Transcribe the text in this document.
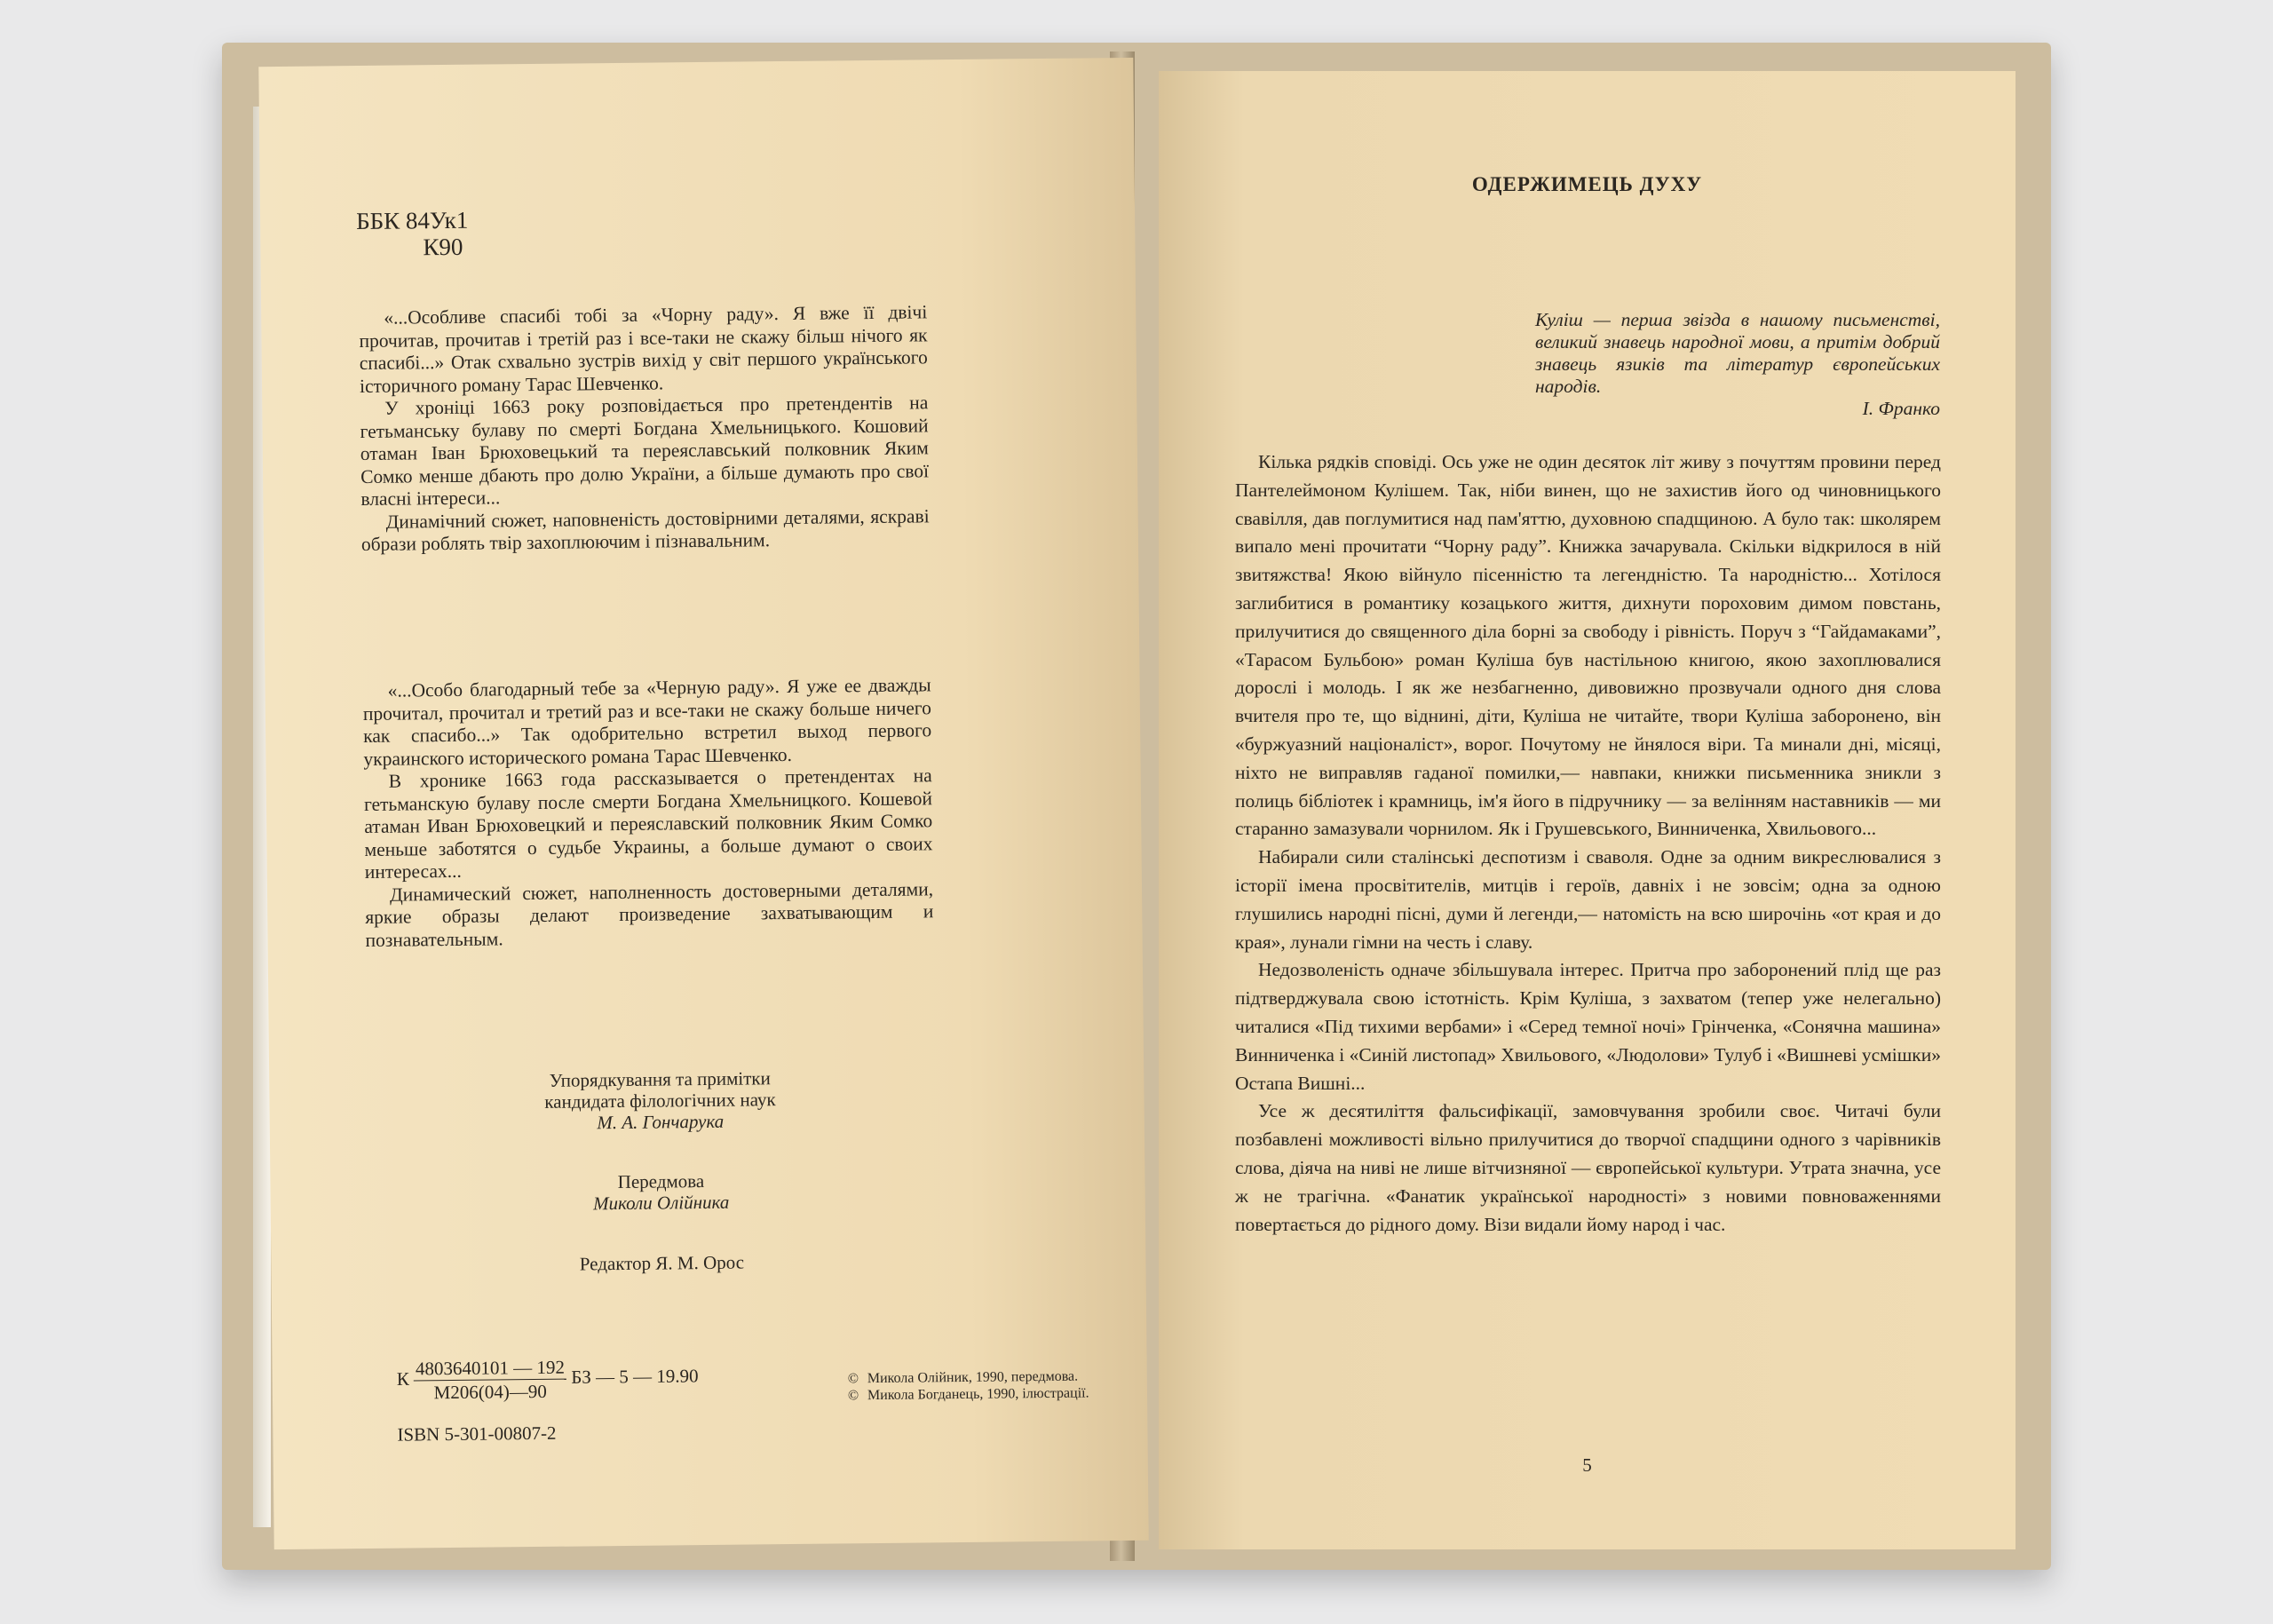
ББК 84Ук1
К90

«...Особливе спасибі тобі за «Чорну раду». Я вже її двічі прочитав, прочитав і третій раз і все-таки не скажу більш нічого як спасибі...» Отак схвально зустрів вихід у світ першого українського історичного роману Тарас Шевченко.

У хроніці 1663 року розповідається про претендентів на гетьманську булаву по смерті Богдана Хмельницького. Кошовий отаман Іван Брюховецький та переяславський полковник Яким Сомко менше дбають про долю України, а більше думають про свої власні інтереси...

Динамічний сюжет, наповненість достовірними деталями, яскраві образи роблять твір захоплюючим і пізнавальним.

«...Особо благодарный тебе за «Черную раду». Я уже ее дважды прочитал, прочитал и третий раз и все-таки не скажу больше ничего как спасибо...» Так одобрительно встретил выход первого украинского исторического романа Тарас Шевченко.

В хронике 1663 года рассказывается о претендентах на гетьманскую булаву после смерти Богдана Хмельницкого. Кошевой атаман Иван Брюховецкий и переяславский полковник Яким Сомко меньше заботятся о судьбе Украины, а больше думают о своих интересах...

Динамический сюжет, наполненность достоверными деталями, яркие образы делают произведение захватывающим и познавательным.

Упорядкування та примітки
кандидата філологічних наук
М. А. Гончарука
Передмова
Миколи Олійника
Редактор Я. М. Орос
К $\frac{4803640101 — 192}{М206(04)—90}$ БЗ — 5 — 19.90
ISBN 5-301-00807-2
© Микола Олійник, 1990, передмова.
© Микола Богданець, 1990, ілюстрації.
ОДЕРЖИМЕЦЬ ДУХУ
Куліш — перша звізда в нашому письменстві, великий знавець народної мови, а притім добрий знавець язиків та літератур європейських народів.
І. Франко

Кілька рядків сповіді. Ось уже не один десяток літ живу з почуттям провини перед Пантелеймоном Кулішем. Так, ніби винен, що не захистив його од чиновницького свавілля, дав поглумитися над пам'яттю, духовною спадщиною. А було так: школярем випало мені прочитати “Чорну раду”. Книжка зачарувала. Скільки відкрилося в ній звитяжства! Якою війнуло пісенністю та легендністю. Та народністю... Хотілося заглибитися в романтику козацького життя, дихнути пороховим димом повстань, прилучитися до священного діла борні за свободу і рівність. Поруч з “Гайдамаками”, «Тарасом Бульбою» роман Куліша був настільною книгою, якою захоплювалися дорослі і молодь. І як же незбагненно, дивовижно прозвучали одного дня слова вчителя про те, що віднині, діти, Куліша не читайте, твори Куліша заборонено, він «буржуазний націоналіст», ворог. Почутому не йнялося віри. Та минали дні, місяці, ніхто не виправляв гаданої помилки,— навпаки, книжки письменника зникли з полиць бібліотек і крамниць, ім'я його в підручнику — за велінням наставників — ми старанно замазували чорнилом. Як і Грушевського, Винниченка, Хвильового...

Набирали сили сталінські деспотизм і сваволя. Одне за одним викреслювалися з історії імена просвітителів, митців і героїв, давніх і не зовсім; одна за одною глушились народні пісні, думи й легенди,— натомість на всю широчінь «от края и до края», лунали гімни на честь і славу.

Недозволеність одначе збільшувала інтерес. Притча про заборонений плід ще раз підтверджувала свою істотність. Крім Куліша, з захватом (тепер уже нелегально) читалися «Під тихими вербами» і «Серед темної ночі» Грінченка, «Сонячна машина» Винниченка і «Синій листопад» Хвильового, «Людолови» Тулуб і «Вишневі усмішки» Остапа Вишні...

Усе ж десятиліття фальсифікації, замовчування зробили своє. Читачі були позбавлені можливості вільно прилучитися до творчої спадщини одного з чарівників слова, діяча на ниві не лише вітчизняної — європейської культури. Утрата значна, усе ж не трагічна. «Фанатик української народності» з новими повноваженнями повертається до рідного дому. Візи видали йому народ і час.

5
